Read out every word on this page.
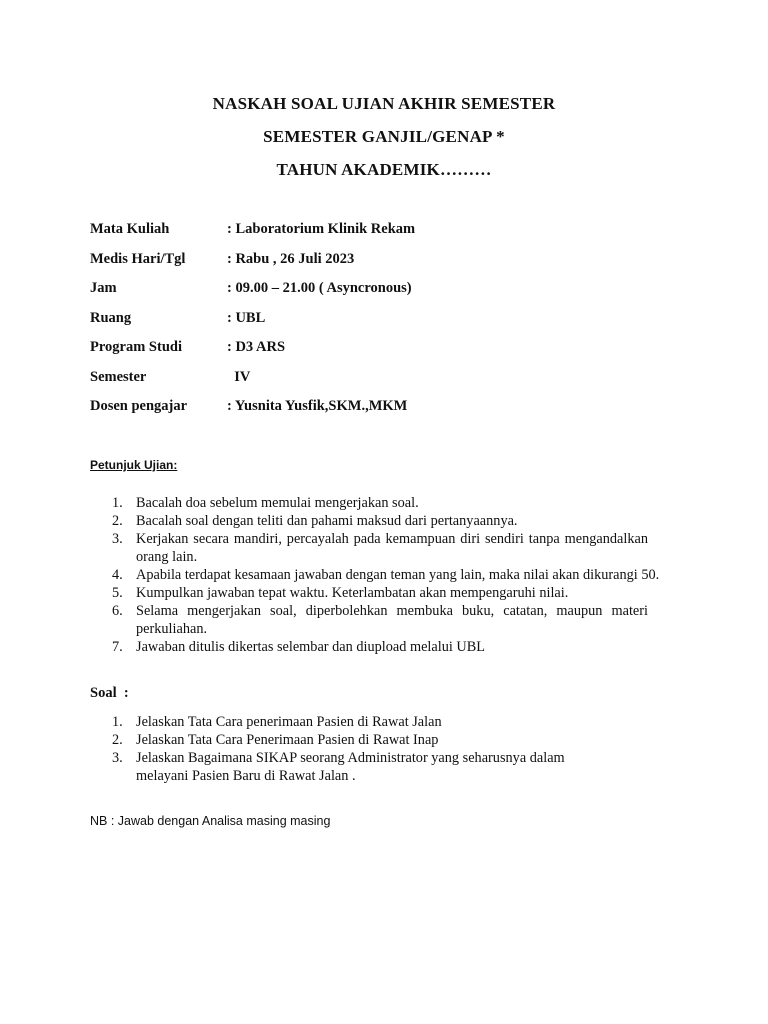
NASKAH SOAL UJIAN AKHIR SEMESTER
SEMESTER GANJIL/GENAP *
TAHUN AKADEMIK………
Mata Kuliah	: Laboratorium Klinik Rekam
Medis Hari/Tgl	: Rabu , 26 Juli 2023
Jam	: 09.00 – 21.00 ( Asyncronous)
Ruang	: UBL
Program Studi	: D3 ARS
Semester	IV
Dosen pengajar	: Yusnita Yusfik,SKM.,MKM
Petunjuk Ujian:
1. Bacalah doa sebelum memulai mengerjakan soal.
2. Bacalah soal dengan teliti dan pahami maksud dari pertanyaannya.
3. Kerjakan secara mandiri, percayalah pada kemampuan diri sendiri tanpa mengandalkan orang lain.
4. Apabila terdapat kesamaan jawaban dengan teman yang lain, maka nilai akan dikurangi 50.
5. Kumpulkan jawaban tepat waktu. Keterlambatan akan mempengaruhi nilai.
6. Selama mengerjakan soal, diperbolehkan membuka buku, catatan, maupun materi perkuliahan.
7. Jawaban ditulis dikertas selembar dan diupload melalui UBL
Soal  :
1. Jelaskan Tata Cara penerimaan Pasien di Rawat Jalan
2. Jelaskan Tata Cara Penerimaan Pasien di Rawat Inap
3. Jelaskan Bagaimana SIKAP seorang Administrator yang seharusnya dalam melayani Pasien Baru di Rawat Jalan .
NB : Jawab dengan Analisa masing masing
